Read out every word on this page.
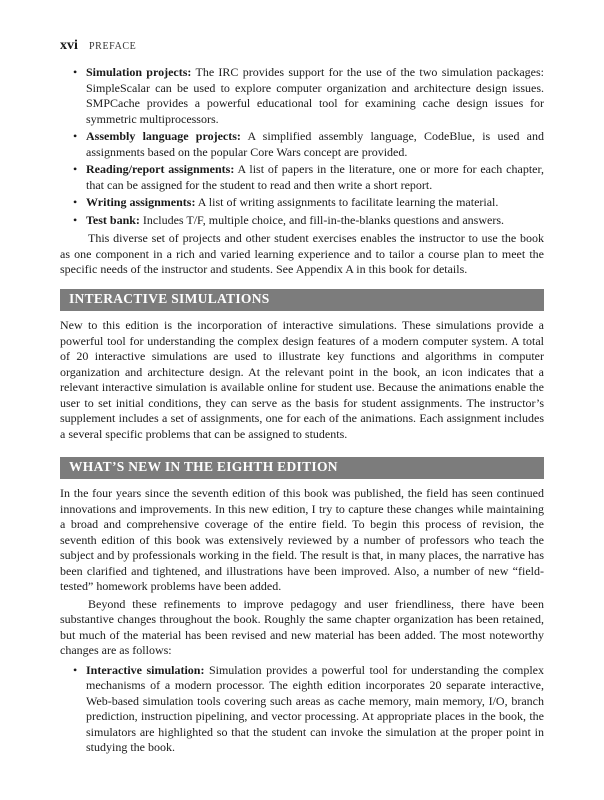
xvi PREFACE
• Simulation projects: The IRC provides support for the use of the two simulation packages: SimpleScalar can be used to explore computer organization and architecture design issues. SMPCache provides a powerful educational tool for examining cache design issues for symmetric multiprocessors.
• Assembly language projects: A simplified assembly language, CodeBlue, is used and assignments based on the popular Core Wars concept are provided.
• Reading/report assignments: A list of papers in the literature, one or more for each chapter, that can be assigned for the student to read and then write a short report.
• Writing assignments: A list of writing assignments to facilitate learning the material.
• Test bank: Includes T/F, multiple choice, and fill-in-the-blanks questions and answers.

This diverse set of projects and other student exercises enables the instructor to use the book as one component in a rich and varied learning experience and to tailor a course plan to meet the specific needs of the instructor and students. See Appendix A in this book for details.

INTERACTIVE SIMULATIONS

New to this edition is the incorporation of interactive simulations. These simulations provide a powerful tool for understanding the complex design features of a modern computer system. A total of 20 interactive simulations are used to illustrate key functions and algorithms in computer organization and architecture design. At the relevant point in the book, an icon indicates that a relevant interactive simulation is available online for student use. Because the animations enable the user to set initial conditions, they can serve as the basis for student assignments. The instructor’s supplement includes a set of assignments, one for each of the animations. Each assignment includes a several specific problems that can be assigned to students.

WHAT’S NEW IN THE EIGHTH EDITION

In the four years since the seventh edition of this book was published, the field has seen continued innovations and improvements. In this new edition, I try to capture these changes while maintaining a broad and comprehensive coverage of the entire field. To begin this process of revision, the seventh edition of this book was extensively reviewed by a number of professors who teach the subject and by professionals working in the field. The result is that, in many places, the narrative has been clarified and tightened, and illustrations have been improved. Also, a number of new “field-tested” homework problems have been added.

Beyond these refinements to improve pedagogy and user friendliness, there have been substantive changes throughout the book. Roughly the same chapter organization has been retained, but much of the material has been revised and new material has been added. The most noteworthy changes are as follows:

• Interactive simulation: Simulation provides a powerful tool for understanding the complex mechanisms of a modern processor. The eighth edition incorporates 20 separate interactive, Web-based simulation tools covering such areas as cache memory, main memory, I/O, branch prediction, instruction pipelining, and vector processing. At appropriate places in the book, the simulators are highlighted so that the student can invoke the simulation at the proper point in studying the book.
